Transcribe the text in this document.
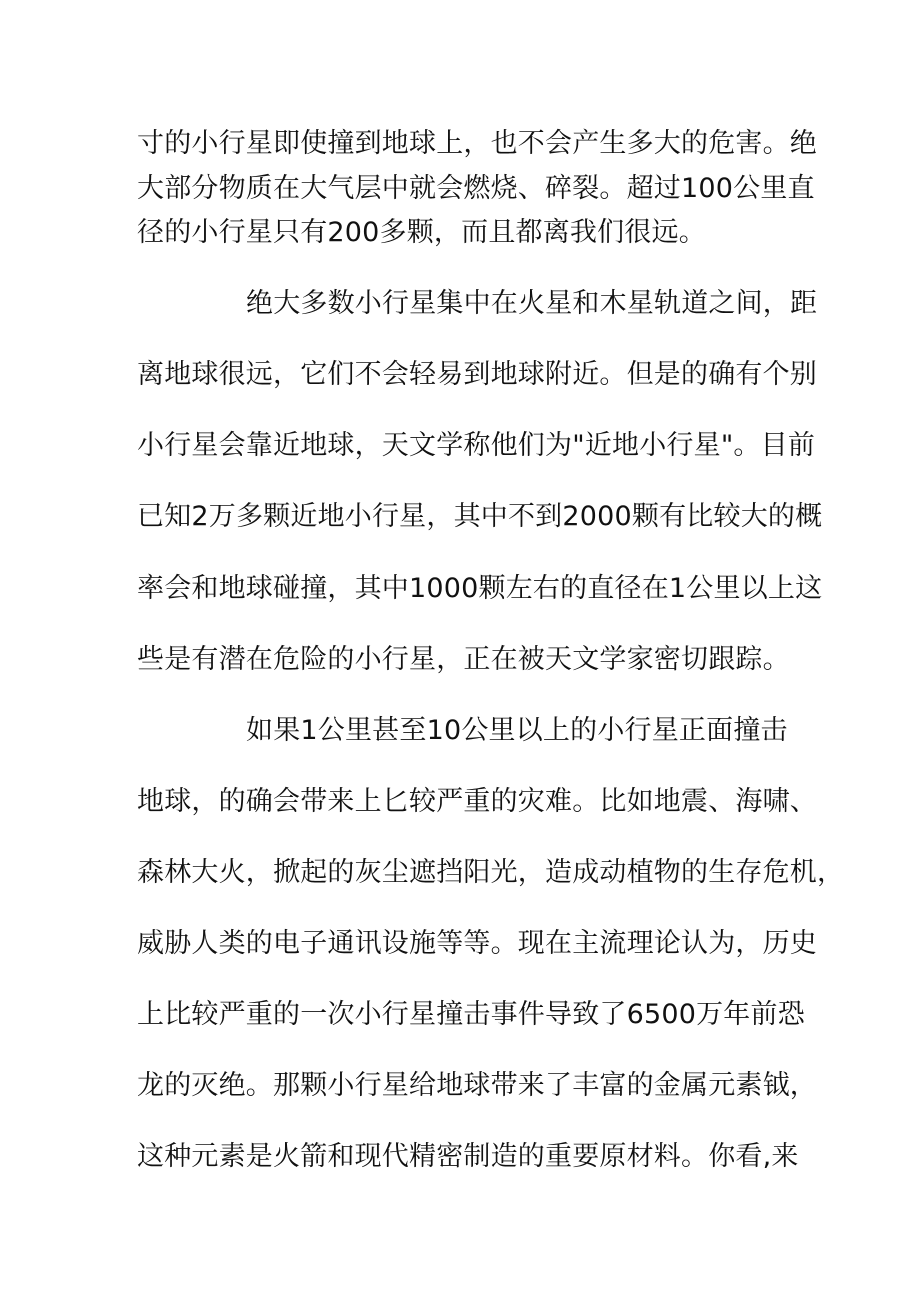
寸的小行星即使撞到地球上，也不会产生多大的危害。绝
大部分物质在大气层中就会燃烧、碎裂。超过100公里直
径的小行星只有200多颗，而且都离我们很远。
绝大多数小行星集中在火星和木星轨道之间，距
离地球很远，它们不会轻易到地球附近。但是的确有个别
小行星会靠近地球，天文学称他们为"近地小行星"。目前
已知2万多颗近地小行星，其中不到2000颗有比较大的概
率会和地球碰撞，其中1000颗左右的直径在1公里以上这
些是有潜在危险的小行星，正在被天文学家密切跟踪。
如果1公里甚至10公里以上的小行星正面撞击
地球，的确会带来上匕较严重的灾难。比如地震、海啸、
森林大火，掀起的灰尘遮挡阳光，造成动植物的生存危机，
威胁人类的电子通讯设施等等。现在主流理论认为，历史
上比较严重的一次小行星撞击事件导致了6500万年前恐
龙的灭绝。那颗小行星给地球带来了丰富的金属元素钺，
这种元素是火箭和现代精密制造的重要原材料。你看,来
